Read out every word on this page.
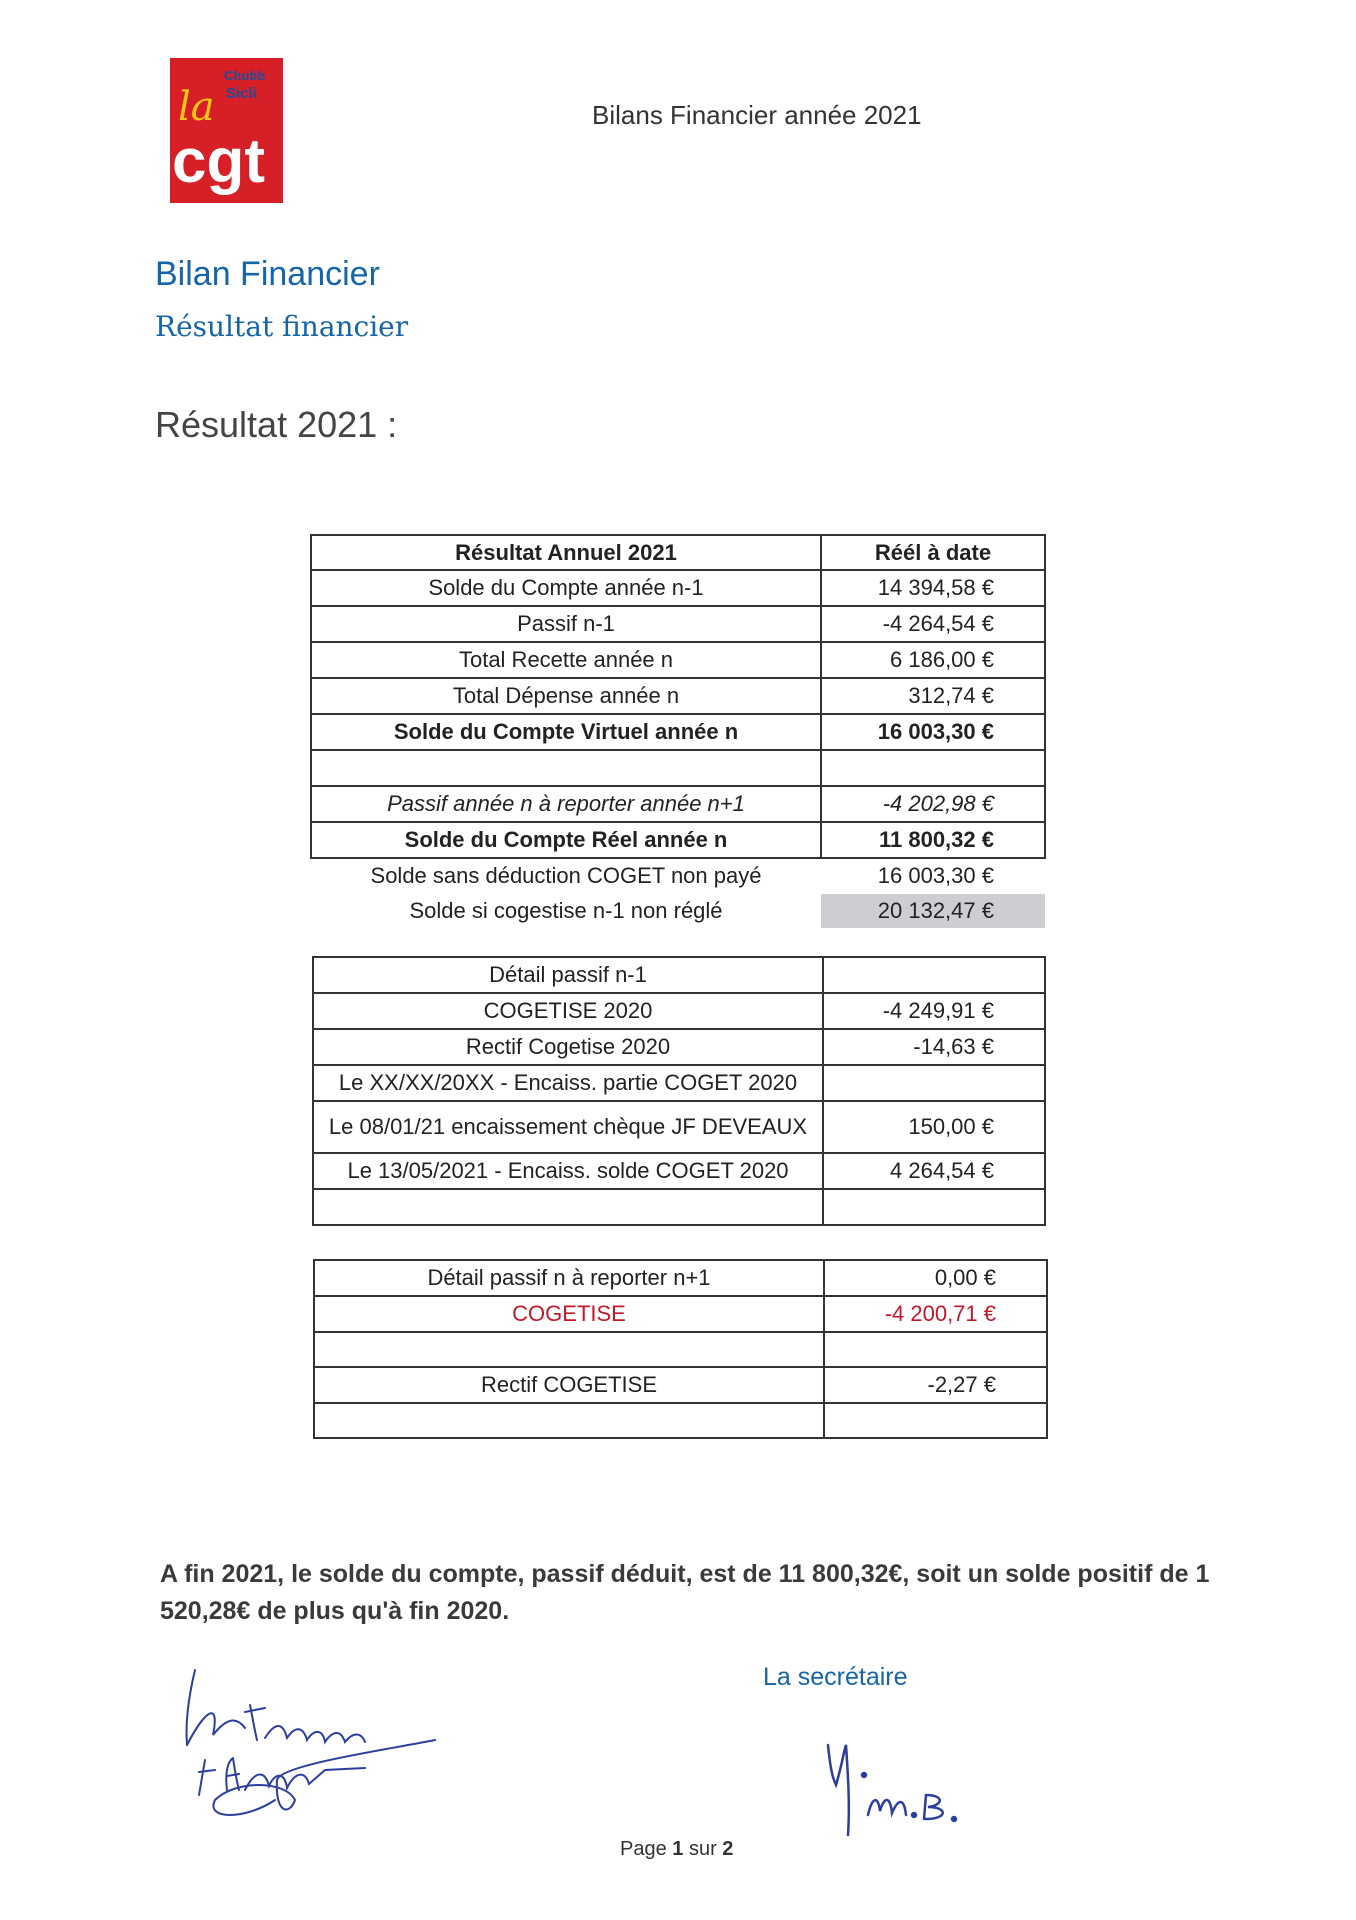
Chubb
Sicli
la
cgt
Bilans Financier année 2021
Bilan Financier
Résultat financier
Résultat 2021 :
Résultat Annuel 2021	Réél à date
Solde du Compte année n-1	14 394,58 €
Passif n-1	-4 264,54 €
Total Recette année n	6 186,00 €
Total Dépense année n	312,74 €
Solde du Compte Virtuel année n	16 003,30 €

Passif année n à reporter année n+1	-4 202,98 €
Solde du Compte Réel année n	11 800,32 €
Solde sans déduction COGET non payé	16 003,30 €
Solde si cogestise n-1 non réglé	20 132,47 €
Détail passif n-1	
COGETISE 2020	-4 249,91 €
Rectif Cogetise 2020	-14,63 €
Le XX/XX/20XX - Encaiss. partie COGET 2020	
Le 08/01/21 encaissement chèque JF DEVEAUX	150,00 €
Le 13/05/2021 - Encaiss. solde COGET 2020	4 264,54 €

Détail passif n à reporter n+1	0,00 €
COGETISE	-4 200,71 €

Rectif COGETISE	-2,27 €

A fin 2021, le solde du compte, passif déduit, est de 11 800,32€, soit un solde positif de 1 520,28€ de plus qu'à fin 2020.
La secrétaire
Page 1 sur 2
